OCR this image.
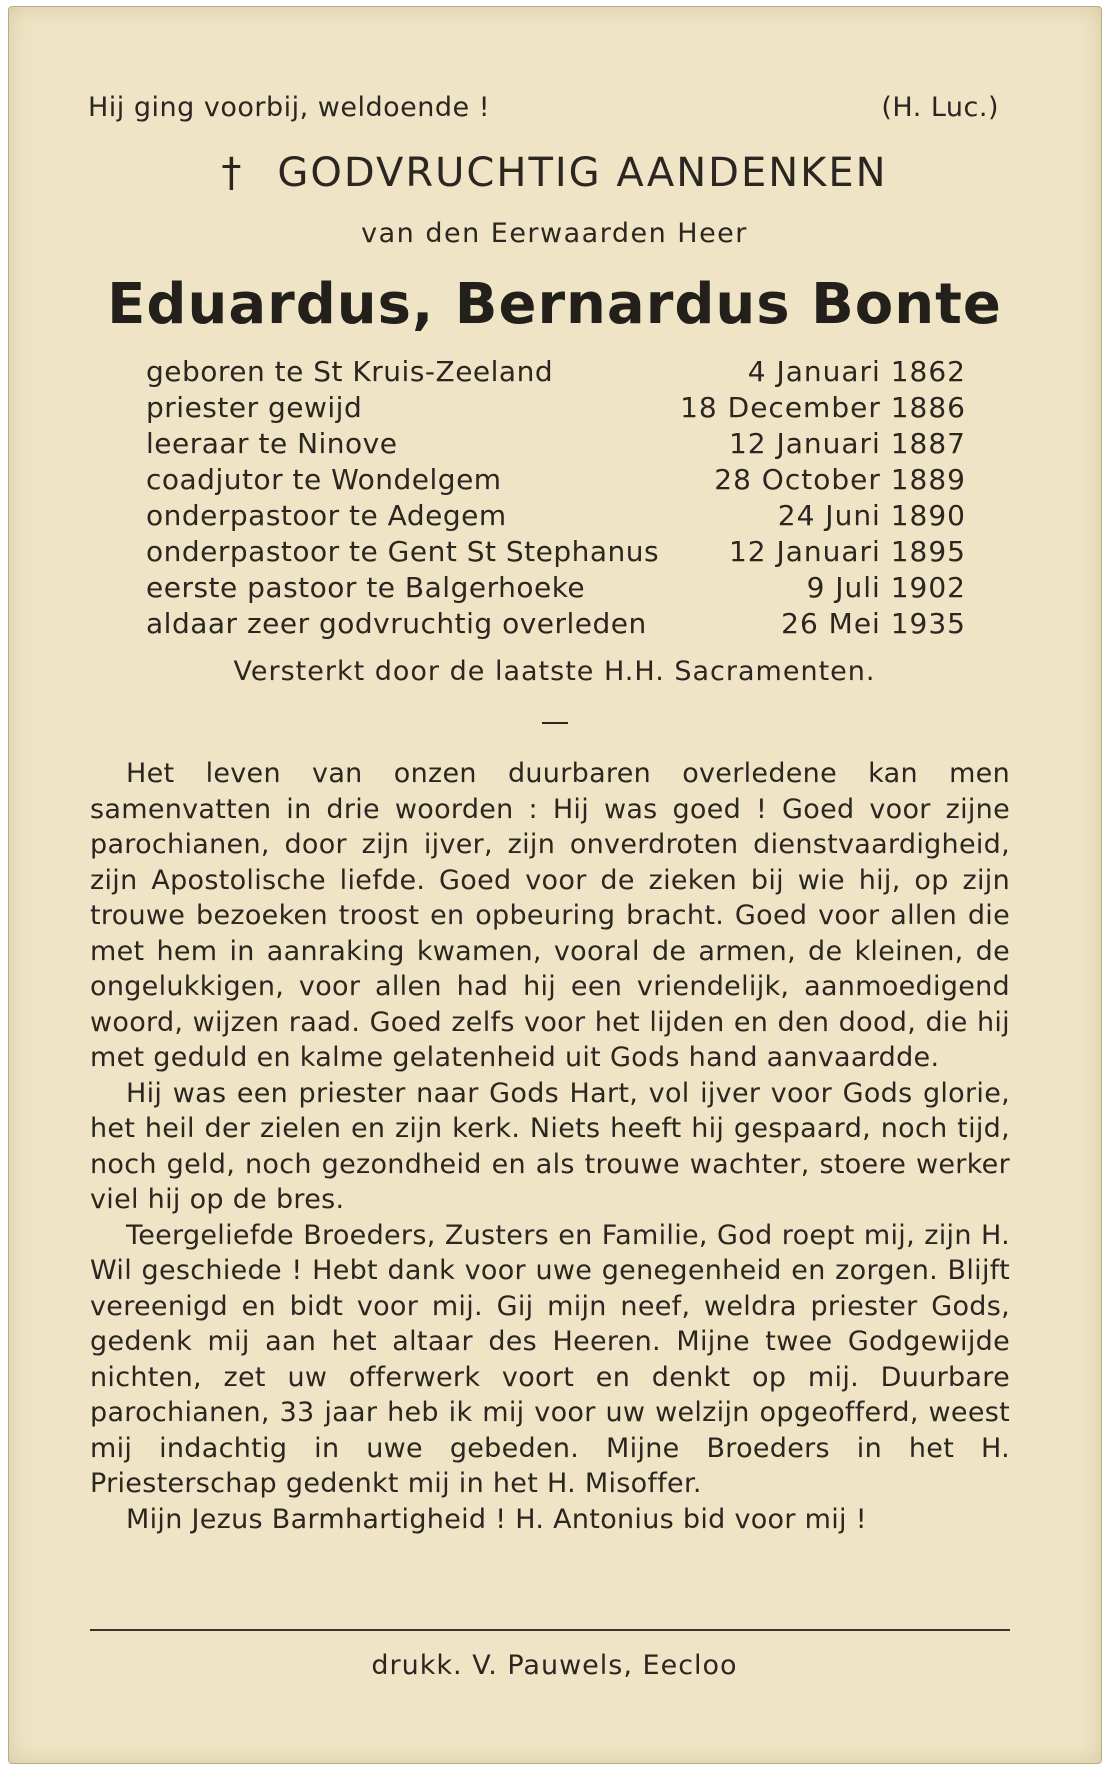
Hij ging voorbij, weldoende !	(H. Luc.)
† GODVRUCHTIG AANDENKEN
van den Eerwaarden Heer
Eduardus, Bernardus Bonte
geboren te St Kruis-Zeeland	4 Januari 1862
priester gewijd	18 December 1886
leeraar te Ninove	12 Januari 1887
coadjutor te Wondelgem	28 October 1889
onderpastoor te Adegem	24 Juni 1890
onderpastoor te Gent St Stephanus	12 Januari 1895
eerste pastoor te Balgerhoeke	9 Juli 1902
aldaar zeer godvruchtig overleden	26 Mei 1935
Versterkt door de laatste H.H. Sacramenten.

Het leven van onzen duurbaren overledene kan men samenvatten in drie woorden : Hij was goed ! Goed voor zijne parochianen, door zijn ijver, zijn onverdroten dienstvaardigheid, zijn Apostolische liefde. Goed voor de zieken bij wie hij, op zijn trouwe bezoeken troost en opbeuring bracht. Goed voor allen die met hem in aanraking kwamen, vooral de armen, de kleinen, de ongelukkigen, voor allen had hij een vriendelijk, aanmoedigend woord, wijzen raad. Goed zelfs voor het lijden en den dood, die hij met geduld en kalme gelatenheid uit Gods hand aanvaardde.

Hij was een priester naar Gods Hart, vol ijver voor Gods glorie, het heil der zielen en zijn kerk. Niets heeft hij gespaard, noch tijd, noch geld, noch gezondheid en als trouwe wachter, stoere werker viel hij op de bres.

Teergeliefde Broeders, Zusters en Familie, God roept mij, zijn H. Wil geschiede ! Hebt dank voor uwe genegenheid en zorgen. Blijft vereenigd en bidt voor mij. Gij mijn neef, weldra priester Gods, gedenk mij aan het altaar des Heeren. Mijne twee Godgewijde nichten, zet uw offerwerk voort en denkt op mij. Duurbare parochianen, 33 jaar heb ik mij voor uw welzijn opgeofferd, weest mij indachtig in uwe gebeden. Mijne Broeders in het H. Priesterschap gedenkt mij in het H. Misoffer.

Mijn Jezus Barmhartigheid ! H. Antonius bid voor mij !

drukk. V. Pauwels, Eecloo
